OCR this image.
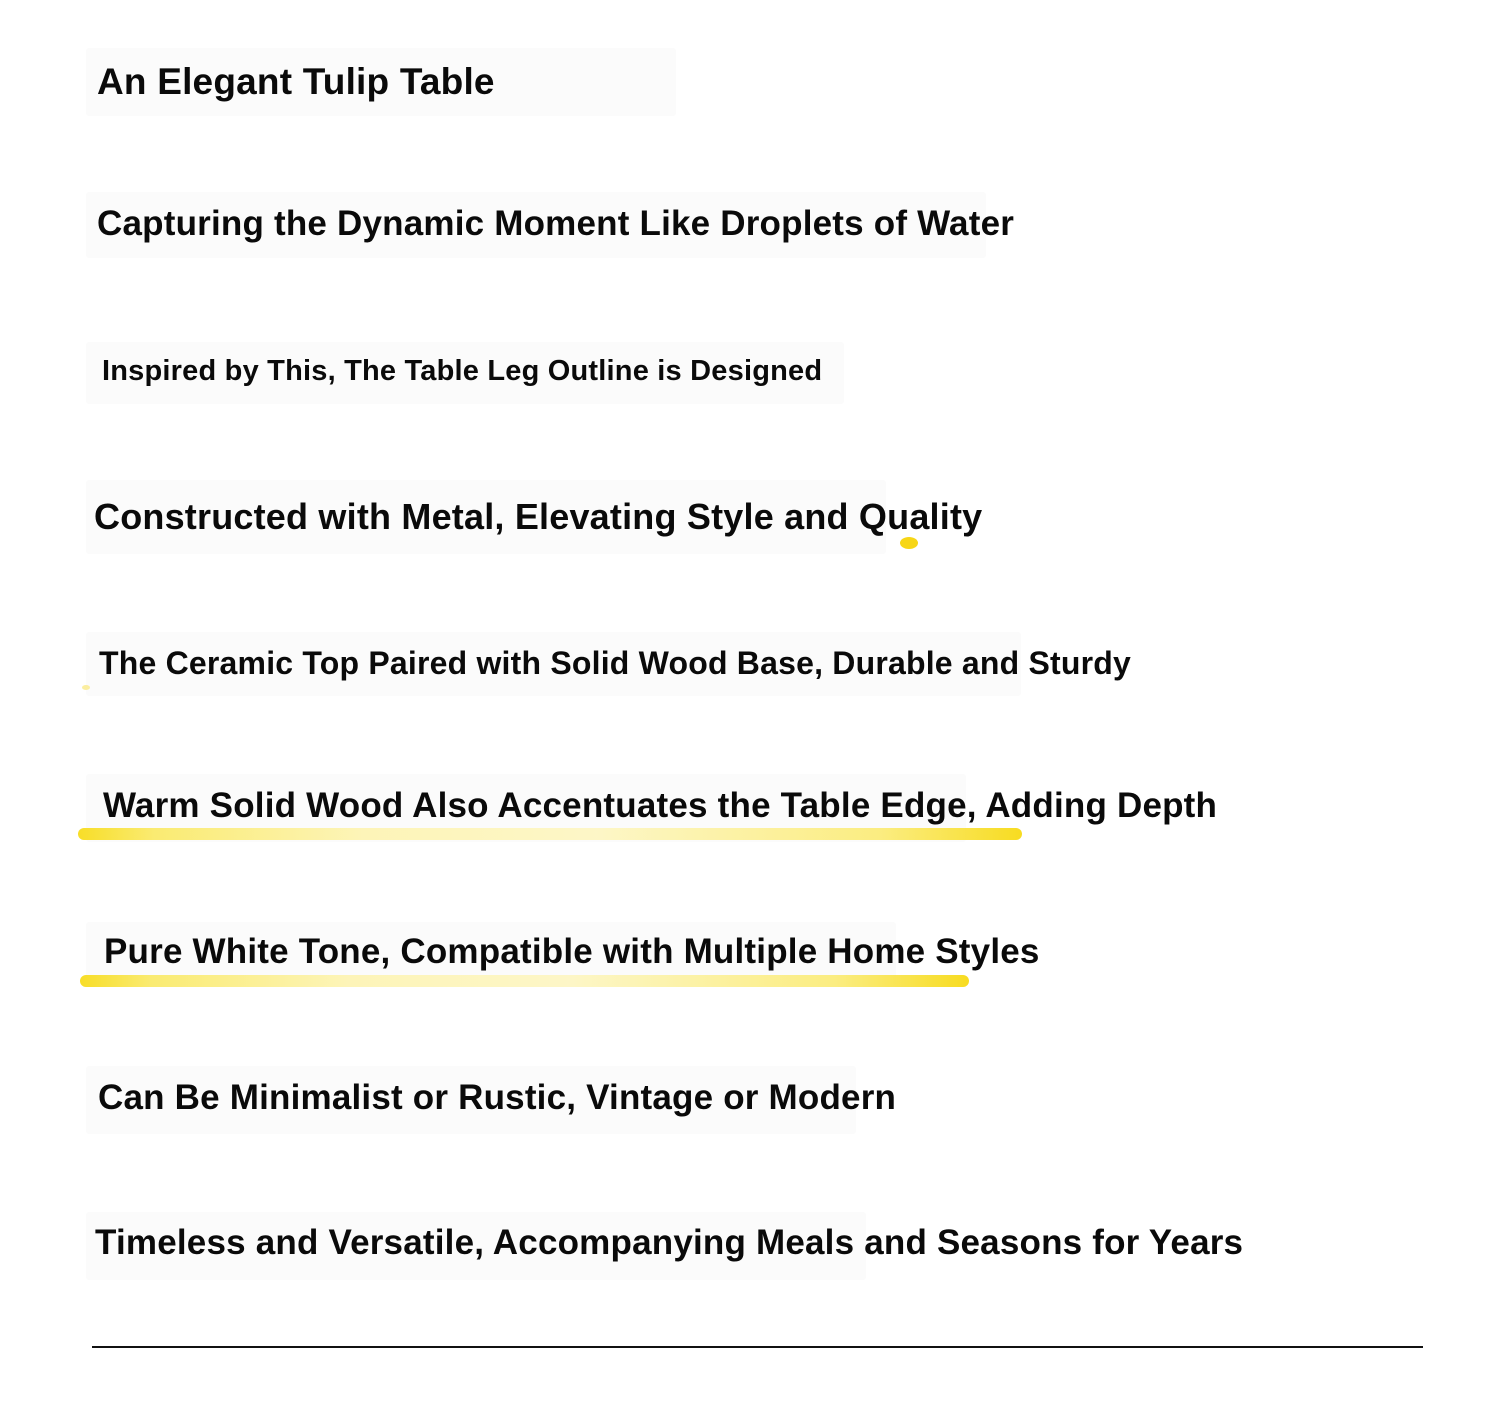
An Elegant Tulip Table
Capturing the Dynamic Moment Like Droplets of Water
Inspired by This, The Table Leg Outline is Designed
Constructed with Metal, Elevating Style and Quality
The Ceramic Top Paired with Solid Wood Base, Durable and Sturdy
Warm Solid Wood Also Accentuates the Table Edge, Adding Depth
Pure White Tone, Compatible with Multiple Home Styles
Can Be Minimalist or Rustic, Vintage or Modern
Timeless and Versatile, Accompanying Meals and Seasons for Years
